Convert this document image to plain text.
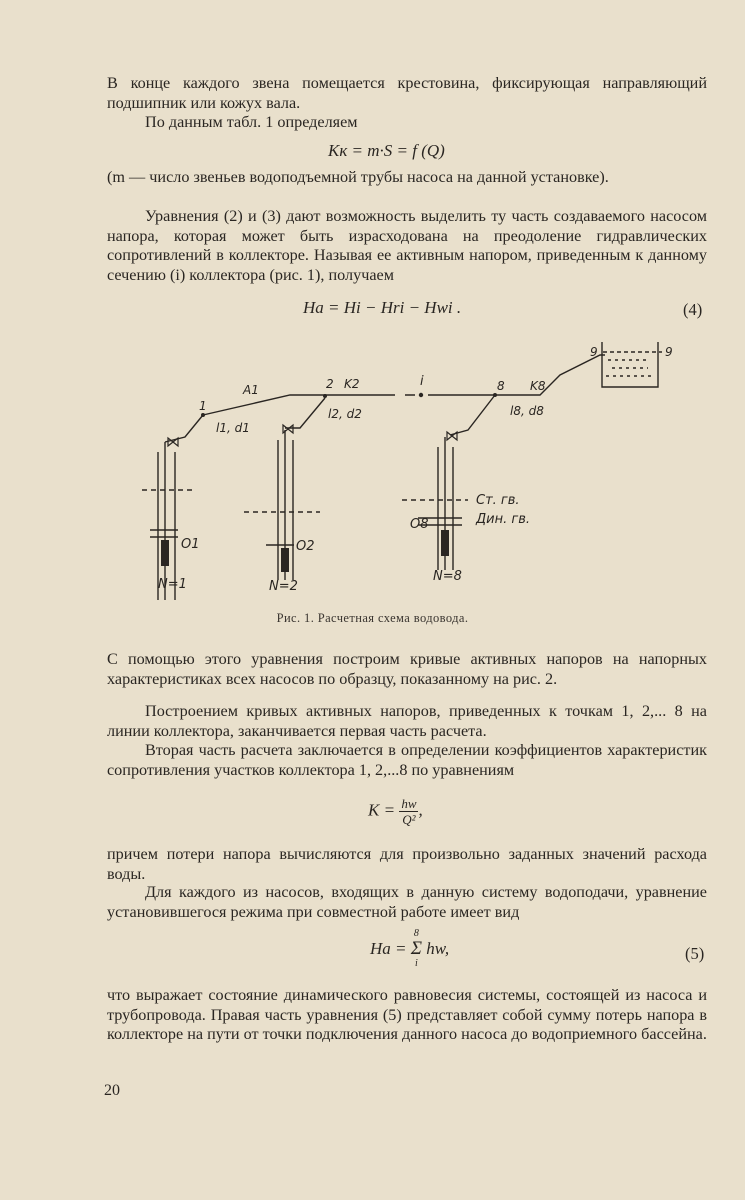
В конце каждого звена помещается крестовина, фиксирующая направляющий подшипник или кожух вала.
По данным табл. 1 определяем
Kк = m·S = f (Q)
(m — число звеньев водоподъемной трубы насоса на данной установке).
Уравнения (2) и (3) дают возможность выделить ту часть создаваемого насосом напора, которая может быть израсходована на преодоление гидравлических сопротивлений в коллекторе. Называя ее активным напором, приведенным к данному сечению (i) коллектора (рис. 1), получаем
Ha = Hi − Hri − Hwi .	(4)
1
A1	2 K2	i	8 K8
9	9
l1, d1
l2, d2	l8, d8
O1	O2
O8
N=1	N=2
N=8
Ст. гв.
Дин. гв.
Рис. 1. Расчетная схема водовода.
С помощью этого уравнения построим кривые активных напоров на напорных характеристиках всех насосов по образцу, показанному на рис. 2.
Построением кривых активных напоров, приведенных к точкам 1, 2,... 8 на линии коллектора, заканчивается первая часть расчета.
Вторая часть расчета заключается в определении коэффициентов характеристик сопротивления участков коллектора 1, 2,...8 по уравнениям
$K = \frac{hw}{\text{Q²}}$ ,
причем потери напора вычисляются для произвольно заданных значений расхода воды.
Для каждого из насосов, входящих в данную систему водоподачи, уравнение установившегося режима при совместной работе имеет вид
Ha =
8
Σ
i
hw,	(5)
что выражает состояние динамического равновесия системы, состоящей из насоса и трубопровода. Правая часть уравнения (5) представляет собой сумму потерь напора в коллекторе на пути от точки подключения данного насоса до водоприемного бассейна.
20
